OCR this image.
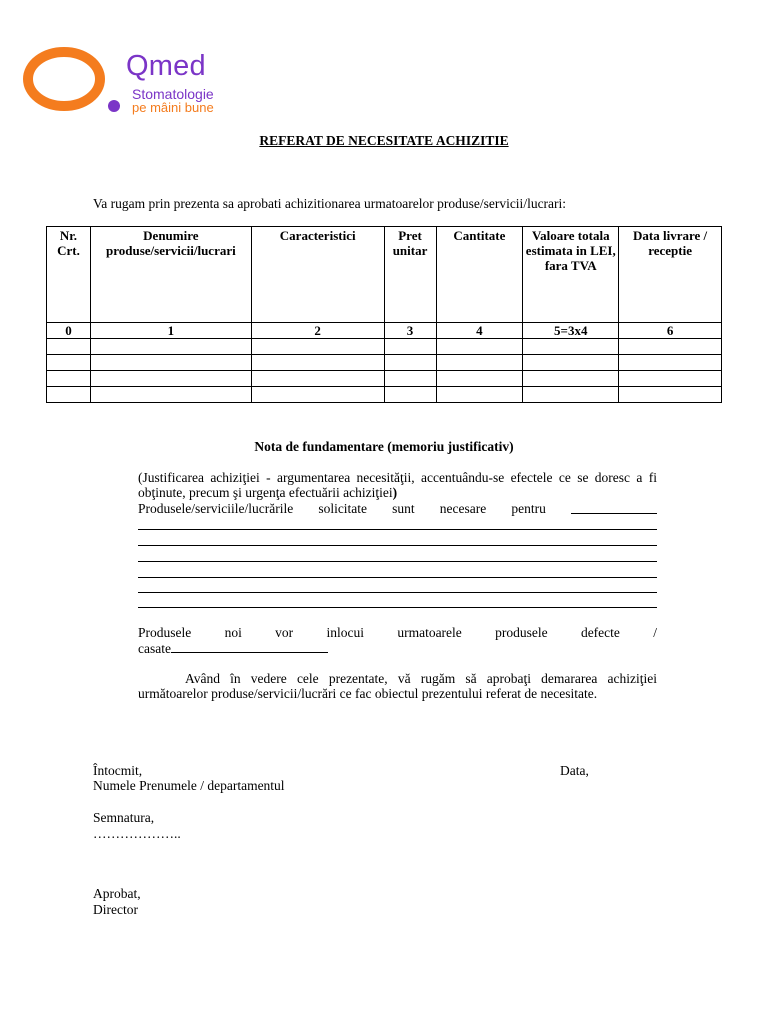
Qmed
Stomatologie
pe mâini bune
REFERAT DE NECESITATE ACHIZITIE
Va rugam prin prezenta sa aprobati achizitionarea urmatoarelor produse/servicii/lucrari:
Nr. Crt.	Denumire produse/servicii/lucrari	Caracteristici	Pret unitar	Cantitate	Valoare totala estimata in LEI, fara TVA	Data livrare / receptie
0	1	2	3	4	5=3x4	6

Nota de fundamentare (memoriu justificativ)
(Justificarea achiziţiei - argumentarea necesităţii, accentuându-se efectele ce se doresc a fi obţinute, precum şi urgenţa efectuării achiziţiei)
Produsele/serviciile/lucrările solicitate sunt necesare pentru
Produsele noi vor inlocui urmatoarele produsele defecte /
casate
Având în vedere cele prezentate, vă rugăm să aprobaţi demararea achiziţiei următoarelor produse/servicii/lucrări ce fac obiectul prezentului referat de necesitate.
Întocmit,	Data,
Numele Prenumele / departamentul
Semnatura,
………………..
Aprobat,
Director
